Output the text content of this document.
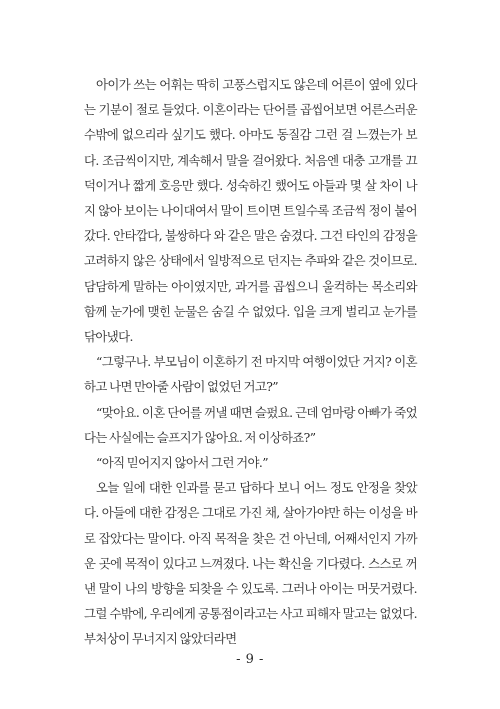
아이가 쓰는 어휘는 딱히 고풍스럽지도 않은데 어른이 옆에 있다는 기분이 절로 들었다. 이혼이라는 단어를 곱씹어보면 어른스러운 수밖에 없으리라 싶기도 했다. 아마도 동질감 그런 걸 느꼈는가 보다. 조금씩이지만, 계속해서 말을 걸어왔다. 처음엔 대충 고개를 끄덕이거나 짧게 호응만 했다. 성숙하긴 했어도 아들과 몇 살 차이 나지 않아 보이는 나이대여서 말이 트이면 트일수록 조금씩 정이 붙어갔다. 안타깝다, 불쌍하다 와 같은 말은 숨겼다. 그건 타인의 감정을 고려하지 않은 상태에서 일방적으로 던지는 추파와 같은 것이므로. 담담하게 말하는 아이였지만, 과거를 곱씹으니 울컥하는 목소리와 함께 눈가에 맺힌 눈물은 숨길 수 없었다. 입을 크게 벌리고 눈가를 닦아냈다.

“그렇구나. 부모님이 이혼하기 전 마지막 여행이었단 거지? 이혼하고 나면 만아줄 사람이 없었던 거고?”

“맞아요. 이혼 단어를 꺼낼 때면 슬펐요. 근데 엄마랑 아빠가 죽었다는 사실에는 슬프지가 않아요. 저 이상하죠?”

“아직 믿어지지 않아서 그런 거야.”

오늘 일에 대한 인과를 묻고 답하다 보니 어느 정도 안정을 찾았다. 아들에 대한 감정은 그대로 가진 채, 살아가야만 하는 이성을 바로 잡았다는 말이다. 아직 목적을 찾은 건 아닌데, 어째서인지 가까운 곳에 목적이 있다고 느껴졌다. 나는 확신을 기다렸다. 스스로 꺼낸 말이 나의 방향을 되찾을 수 있도록. 그러나 아이는 머뭇거렸다. 그럴 수밖에, 우리에게 공통점이라고는 사고 피해자 말고는 없었다. 부처상이 무너지지 않았더라면

- 9 -
